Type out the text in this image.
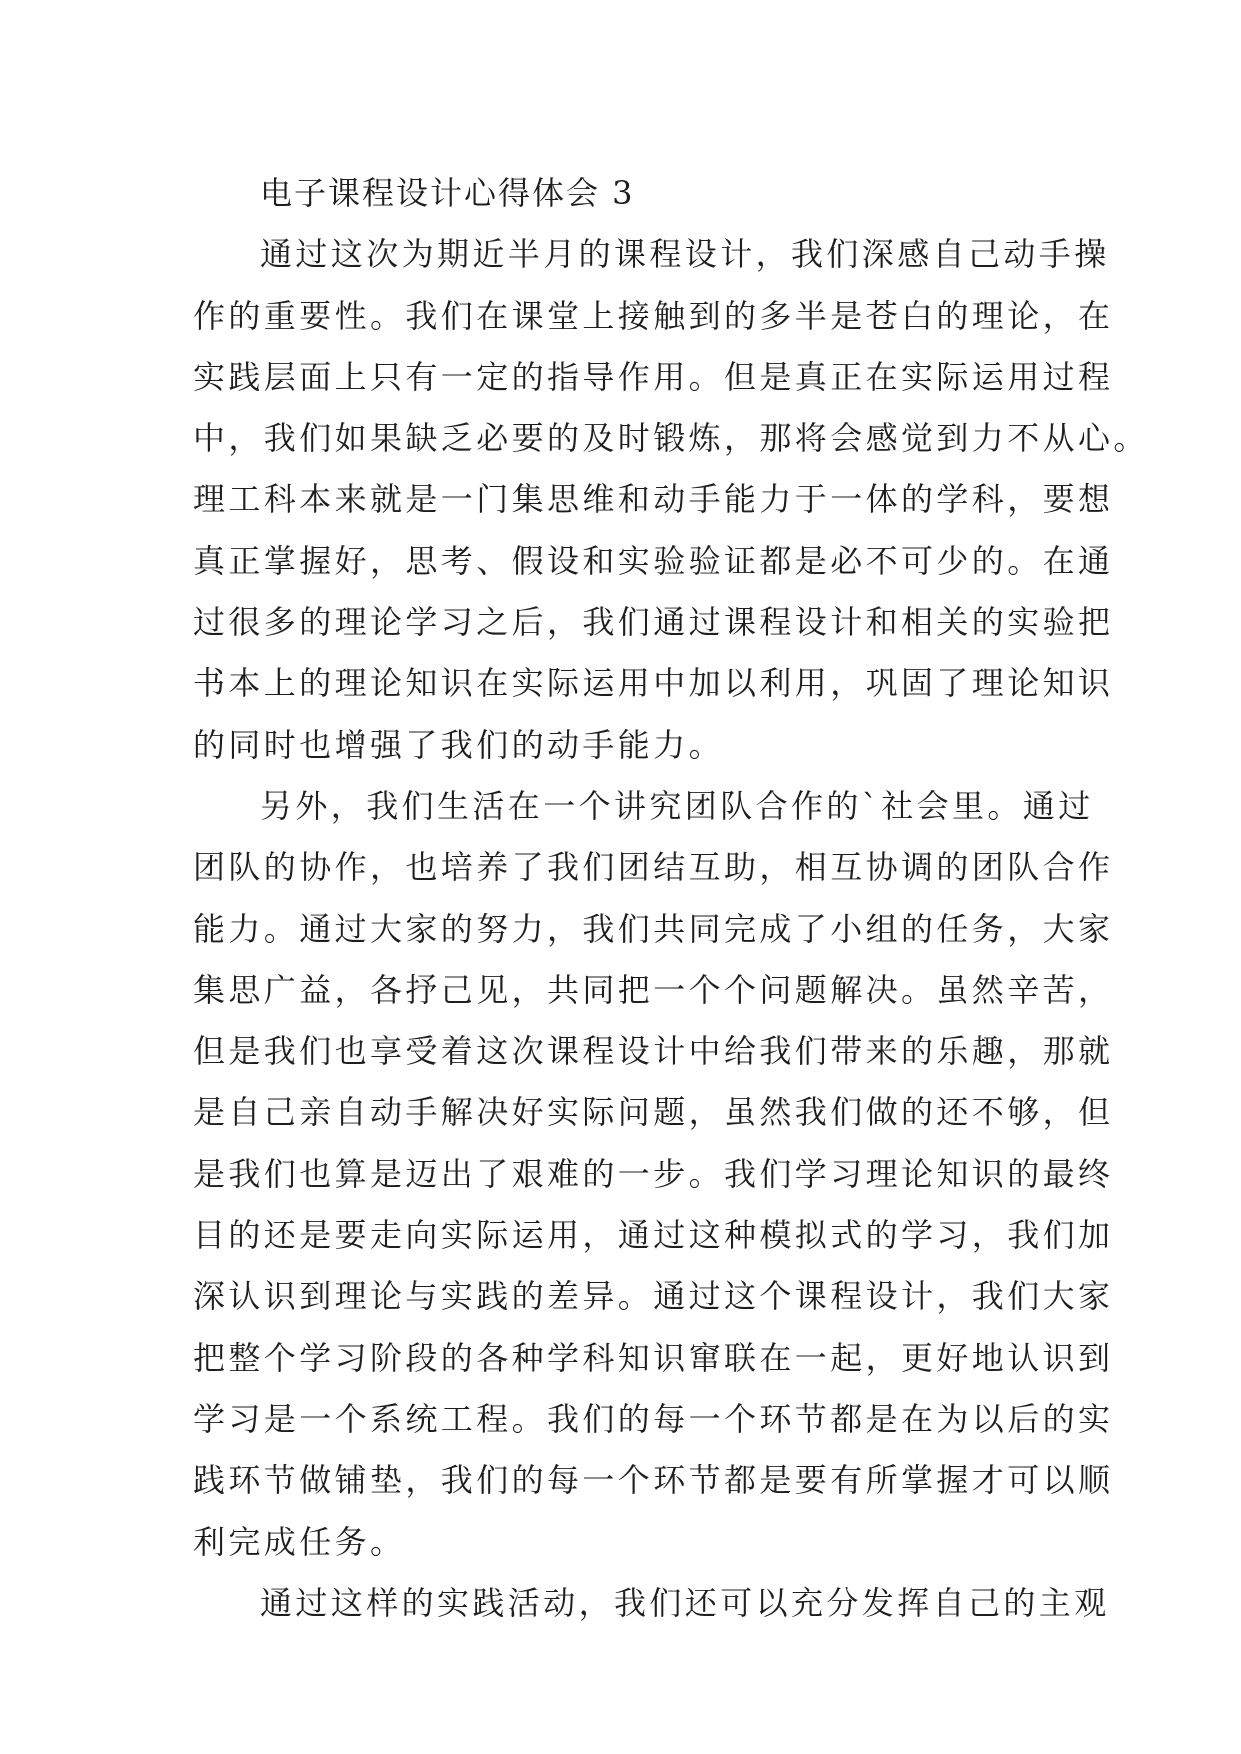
电子课程设计心得体会 3
通过这次为期近半月的课程设计，我们深感自己动手操
作的重要性。我们在课堂上接触到的多半是苍白的理论，在
实践层面上只有一定的指导作用。但是真正在实际运用过程
中，我们如果缺乏必要的及时锻炼，那将会感觉到力不从心。
理工科本来就是一门集思维和动手能力于一体的学科，要想
真正掌握好，思考、假设和实验验证都是必不可少的。在通
过很多的理论学习之后，我们通过课程设计和相关的实验把
书本上的理论知识在实际运用中加以利用，巩固了理论知识
的同时也增强了我们的动手能力。
另外，我们生活在一个讲究团队合作的`社会里。通过
团队的协作，也培养了我们团结互助，相互协调的团队合作
能力。通过大家的努力，我们共同完成了小组的任务，大家
集思广益，各抒己见，共同把一个个问题解决。虽然辛苦，
但是我们也享受着这次课程设计中给我们带来的乐趣，那就
是自己亲自动手解决好实际问题，虽然我们做的还不够，但
是我们也算是迈出了艰难的一步。我们学习理论知识的最终
目的还是要走向实际运用，通过这种模拟式的学习，我们加
深认识到理论与实践的差异。通过这个课程设计，我们大家
把整个学习阶段的各种学科知识窜联在一起，更好地认识到
学习是一个系统工程。我们的每一个环节都是在为以后的实
践环节做铺垫，我们的每一个环节都是要有所掌握才可以顺
利完成任务。
通过这样的实践活动，我们还可以充分发挥自己的主观
